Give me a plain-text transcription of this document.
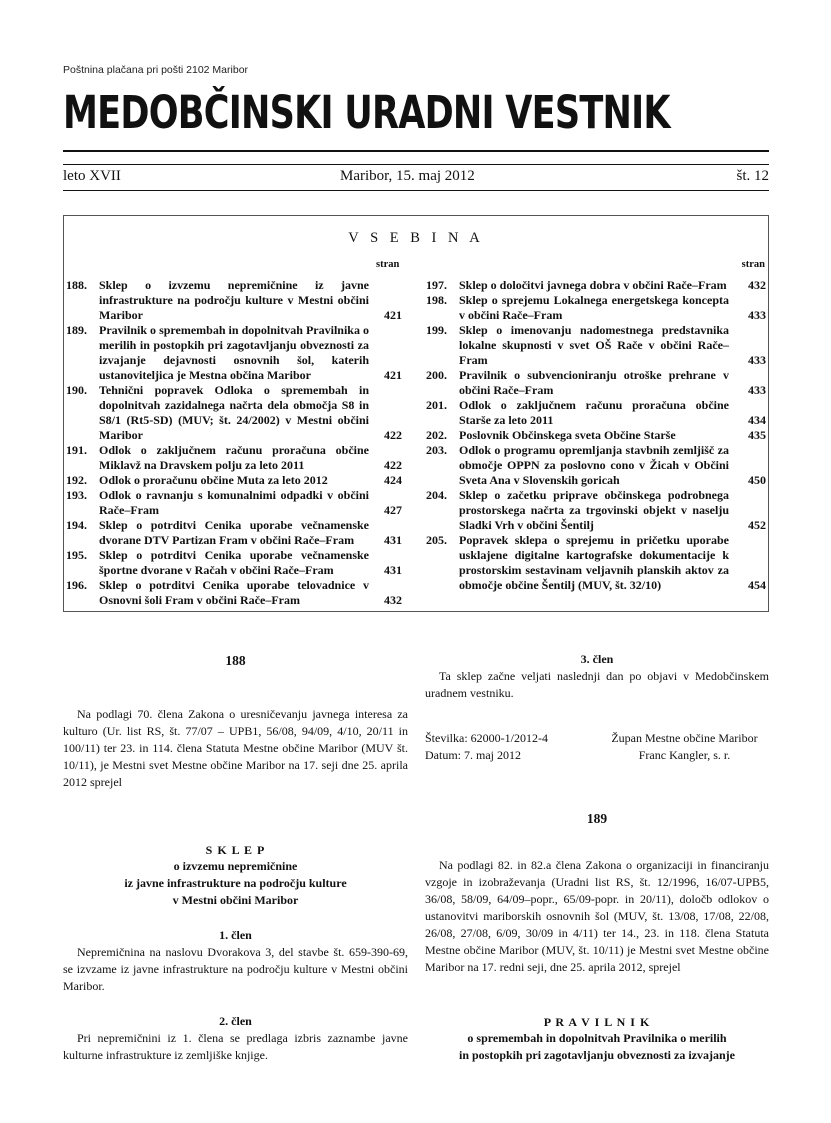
Poštnina plačana pri pošti 2102 Maribor
MEDOBČINSKI URADNI VESTNIK
leto XVII	Maribor, 15. maj 2012	št. 12
V S E B I N A
stran	stran
188. Sklep o izvzemu nepremičnine iz javne infrastrukture na področju kulture v Mestni občini Maribor	421
189. Pravilnik o spremembah in dopolnitvah Pravilnika o merilih in postopkih pri zagotavljanju obveznosti za izvajanje dejavnosti osnovnih šol, katerih ustanoviteljica je Mestna občina Maribor	421
190. Tehnični popravek Odloka o spremembah in dopolnitvah zazidalnega načrta dela območja S8 in S8/1 (Rt5-SD) (MUV; št. 24/2002) v Mestni občini Maribor	422
191. Odlok o zaključnem računu proračuna občine Miklavž na Dravskem polju za leto 2011	422
192. Odlok o proračunu občine Muta za leto 2012	424
193. Odlok o ravnanju s komunalnimi odpadki v občini Rače–Fram	427
194. Sklep o potrditvi Cenika uporabe večnamenske dvorane DTV Partizan Fram v občini Rače–Fram	431
195. Sklep o potrditvi Cenika uporabe večnamenske športne dvorane v Račah v občini Rače–Fram	431
196. Sklep o potrditvi Cenika uporabe telovadnice v Osnovni šoli Fram v občini Rače–Fram	432
197. Sklep o določitvi javnega dobra v občini Rače–Fram 432
198. Sklep o sprejemu Lokalnega energetskega koncepta v občini Rače–Fram	433
199. Sklep o imenovanju nadomestnega predstavnika lokalne skupnosti v svet OŠ Rače v občini Rače–Fram	433
200. Pravilnik o subvencioniranju otroške prehrane v občini Rače–Fram	433
201. Odlok o zaključnem računu proračuna občine Starše za leto 2011	434
202. Poslovnik Občinskega sveta Občine Starše	435
203. Odlok o programu opremljanja stavbnih zemljišč za območje OPPN za poslovno cono v Žicah v Občini Sveta Ana v Slovenskih goricah	450
204. Sklep o začetku priprave občinskega podrobnega prostorskega načrta za trgovinski objekt v naselju Sladki Vrh v občini Šentilj	452
205. Popravek sklepa o sprejemu in pričetku uporabe usklajene digitalne kartografske dokumentacije k prostorskim sestavinam veljavnih planskih aktov za območje občine Šentilj (MUV, št. 32/10)	454
188
Na podlagi 70. člena Zakona o uresničevanju javnega interesa za kulturo (Ur. list RS, št. 77/07 – UPB1, 56/08, 94/09, 4/10, 20/11 in 100/11) ter 23. in 114. člena Statuta Mestne občine Maribor (MUV št. 10/11), je Mestni svet Mestne občine Maribor na 17. seji dne 25. aprila 2012 sprejel
S K L E P
o izvzemu nepremičnine
iz javne infrastrukture na področju kulture
v Mestni občini Maribor
1. člen
Nepremičnina na naslovu Dvorakova 3, del stavbe št. 659-390-69, se izvzame iz javne infrastrukture na področju kulture v Mestni občini Maribor.
2. člen
Pri nepremičnini iz 1. člena se predlaga izbris zaznambe javne kulturne infrastrukture iz zemljiške knjige.
3. člen
Ta sklep začne veljati naslednji dan po objavi v Medobčinskem uradnem vestniku.
Številka: 62000-1/2012-4
Datum: 7. maj 2012
Župan Mestne občine Maribor
Franc Kangler, s. r.
189
Na podlagi 82. in 82.a člena Zakona o organizaciji in financiranju vzgoje in izobraževanja (Uradni list RS, št. 12/1996, 16/07-UPB5, 36/08, 58/09, 64/09–popr., 65/09-popr. in 20/11), določb odlokov o ustanovitvi mariborskih osnovnih šol (MUV, št. 13/08, 17/08, 22/08, 26/08, 27/08, 6/09, 30/09 in 4/11) ter 14., 23. in 118. člena Statuta Mestne občine Maribor (MUV, št. 10/11) je Mestni svet Mestne občine Maribor na 17. redni seji, dne 25. aprila 2012, sprejel
P R A V I L N I K
o spremembah in dopolnitvah Pravilnika o merilih
in postopkih pri zagotavljanju obveznosti za izvajanje
